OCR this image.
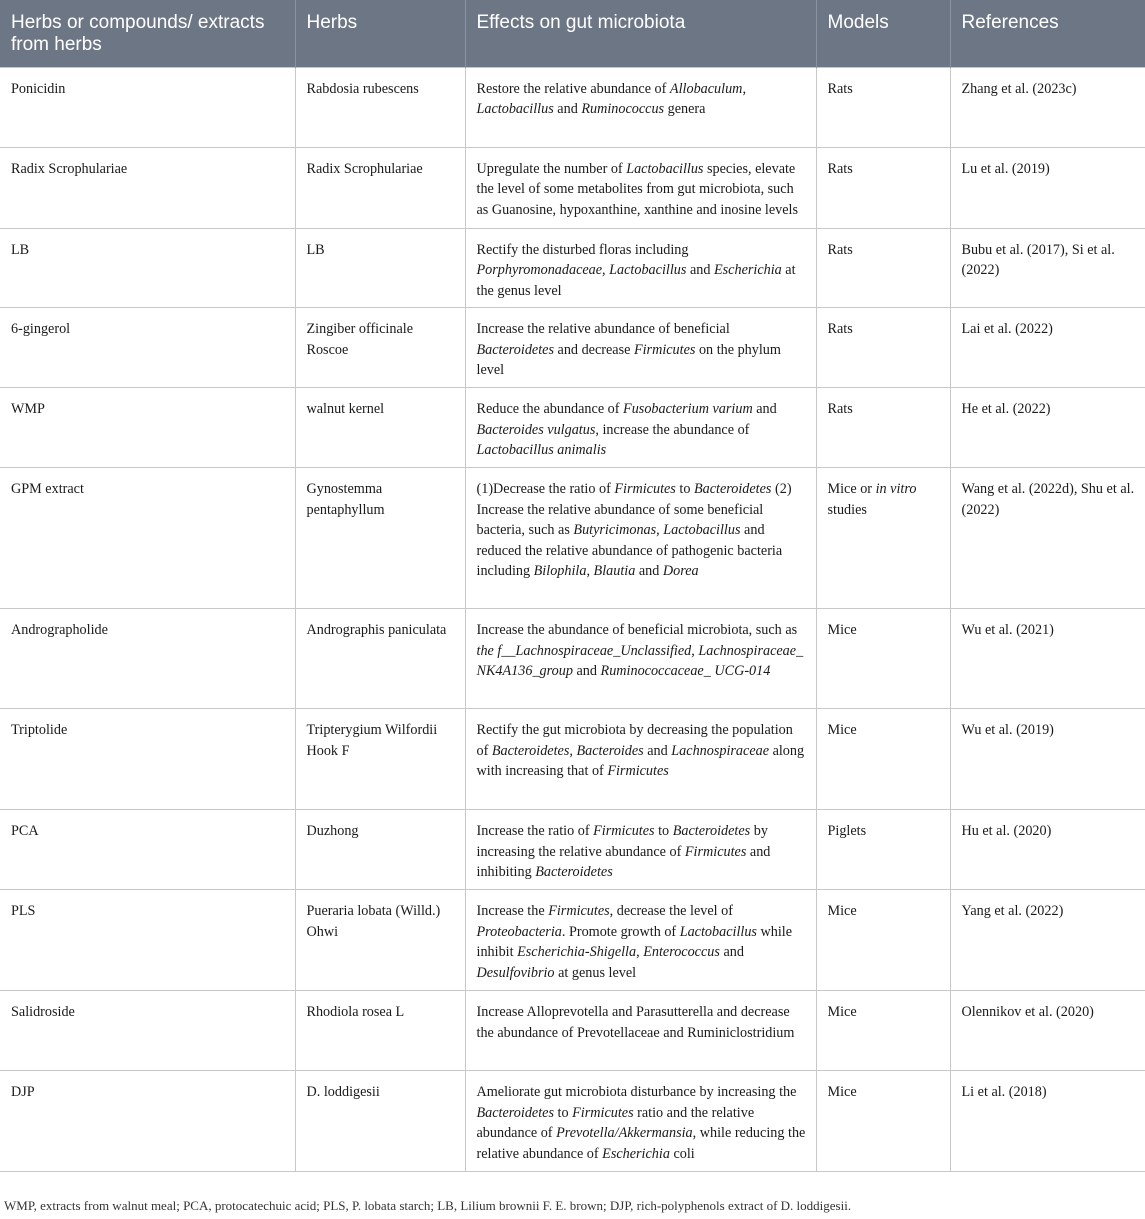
Herbs or compounds/ extracts from herbs	Herbs	Effects on gut microbiota	Models	References
Ponicidin	Rabdosia rubescens	Restore the relative abundance of Allobaculum, Lactobacillus and Ruminococcus genera	Rats	Zhang et al. (2023c)
Radix Scrophulariae	Radix Scrophulariae	Upregulate the number of Lactobacillus species, elevate the level of some metabolites from gut microbiota, such as Guanosine, hypoxanthine, xanthine and inosine levels	Rats	Lu et al. (2019)
LB	LB	Rectify the disturbed floras including Porphyromonadaceae, Lactobacillus and Escherichia at the genus level	Rats	Bubu et al. (2017), Si et al. (2022)
6-gingerol	Zingiber officinale Roscoe	Increase the relative abundance of beneficial Bacteroidetes and decrease Firmicutes on the phylum level	Rats	Lai et al. (2022)
WMP	walnut kernel	Reduce the abundance of Fusobacterium varium and Bacteroides vulgatus, increase the abundance of Lactobacillus animalis	Rats	He et al. (2022)
GPM extract	Gynostemma pentaphyllum	(1)Decrease the ratio of Firmicutes to Bacteroidetes (2) Increase the relative abundance of some beneficial bacteria, such as Butyricimonas, Lactobacillus and reduced the relative abundance of pathogenic bacteria including Bilophila, Blautia and Dorea	Mice or in vitro studies	Wang et al. (2022d), Shu et al. (2022)
Andrographolide	Andrographis paniculata	Increase the abundance of beneficial microbiota, such as the f__Lachnospiraceae_Unclassified, Lachnospiraceae_ NK4A136_group and Ruminococcaceae_ UCG-014	Mice	Wu et al. (2021)
Triptolide	Tripterygium Wilfordii Hook F	Rectify the gut microbiota by decreasing the population of Bacteroidetes, Bacteroides and Lachnospiraceae along with increasing that of Firmicutes	Mice	Wu et al. (2019)
PCA	Duzhong	Increase the ratio of Firmicutes to Bacteroidetes by increasing the relative abundance of Firmicutes and inhibiting Bacteroidetes	Piglets	Hu et al. (2020)
PLS	Pueraria lobata (Willd.) Ohwi	Increase the Firmicutes, decrease the level of Proteobacteria. Promote growth of Lactobacillus while inhibit Escherichia-Shigella, Enterococcus and Desulfovibrio at genus level	Mice	Yang et al. (2022)
Salidroside	Rhodiola rosea L	Increase Alloprevotella and Parasutterella and decrease the abundance of Prevotellaceae and Ruminiclostridium	Mice	Olennikov et al. (2020)
DJP	D. loddigesii	Ameliorate gut microbiota disturbance by increasing the Bacteroidetes to Firmicutes ratio and the relative abundance of Prevotella/Akkermansia, while reducing the relative abundance of Escherichia coli	Mice	Li et al. (2018)
WMP, extracts from walnut meal; PCA, protocatechuic acid; PLS, P. lobata starch; LB, Lilium brownii F. E. brown; DJP, rich-polyphenols extract of D. loddigesii.
